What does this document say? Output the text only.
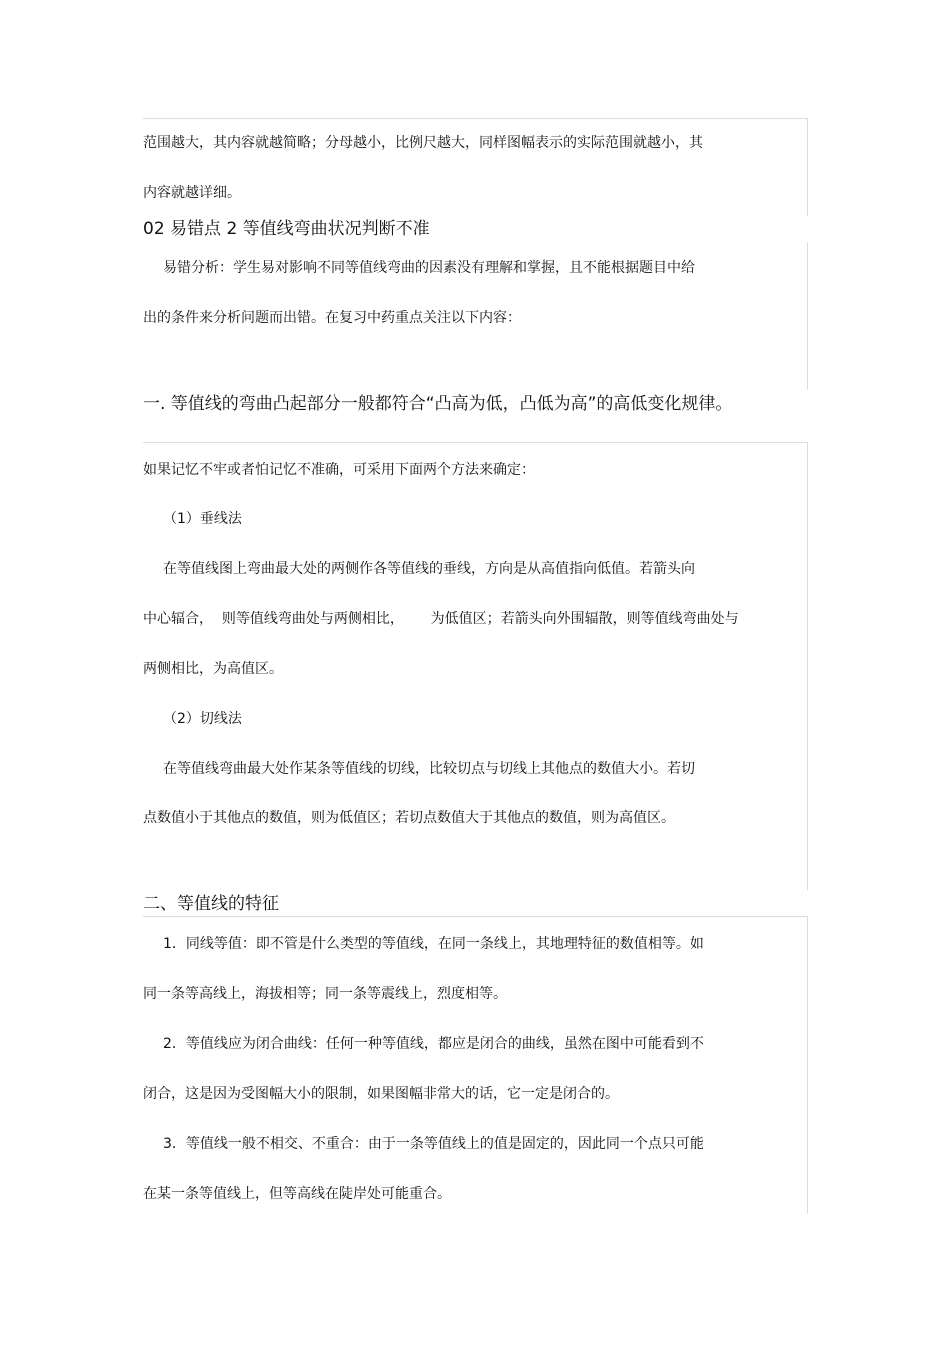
范围越大，其内容就越简略；分母越小，比例尺越大，同样图幅表示的实际范围就越小，其
内容就越详细。
02 易错点 2 等值线弯曲状况判断不准
易错分析：学生易对影响不同等值线弯曲的因素没有理解和掌握，且不能根据题目中给
出的条件来分析问题而出错。在复习中药重点关注以下内容：
一. 等值线的弯曲凸起部分一般都符合“凸高为低，凸低为高”的高低变化规律。
如果记忆不牢或者怕记忆不准确，可采用下面两个方法来确定：
（1）垂线法
在等值线图上弯曲最大处的两侧作各等值线的垂线，方向是从高值指向低值。若箭头向
中心辐合，  则等值线弯曲处与两侧相比，      为低值区；若箭头向外围辐散，则等值线弯曲处与
两侧相比，为高值区。
（2）切线法
在等值线弯曲最大处作某条等值线的切线，比较切点与切线上其他点的数值大小。若切
点数值小于其他点的数值，则为低值区；若切点数值大于其他点的数值，则为高值区。
二、等值线的特征
1．同线等值：即不管是什么类型的等值线，在同一条线上，其地理特征的数值相等。如
同一条等高线上，海拔相等；同一条等震线上，烈度相等。
2．等值线应为闭合曲线：任何一种等值线，都应是闭合的曲线，虽然在图中可能看到不
闭合，这是因为受图幅大小的限制，如果图幅非常大的话，它一定是闭合的。
3．等值线一般不相交、不重合：由于一条等值线上的值是固定的，因此同一个点只可能
在某一条等值线上，但等高线在陡岸处可能重合。
